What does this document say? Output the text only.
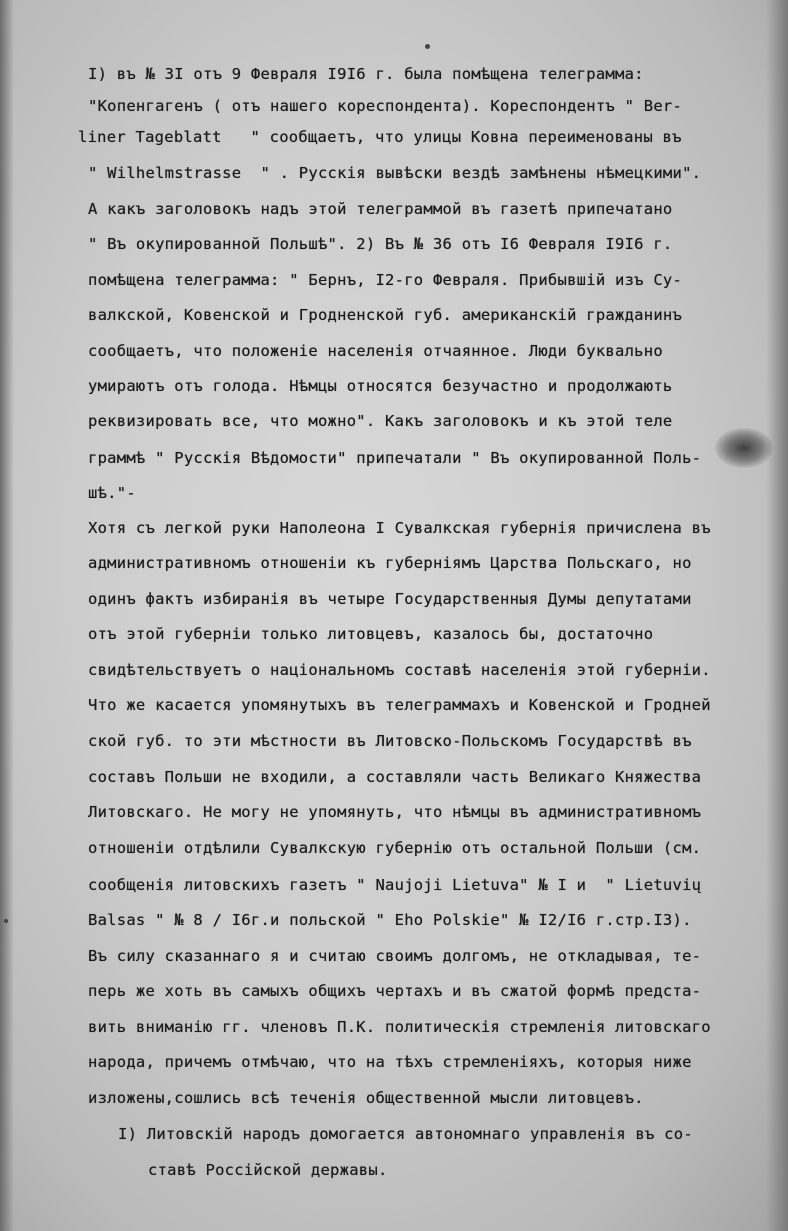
I) въ № 3I отъ 9 Февраля I9I6 г. была помѣщена телеграмма:
"Копенгагенъ ( отъ нашего кореспондента). Кореспондентъ " Ber-
liner Tageblatt   " сообщаетъ, что улицы Ковна переименованы въ
" Wilhelmstrasse  " . Русскія вывѣски вездѣ замѣнены нѣмецкими".
А какъ заголовокъ надъ этой телеграммой въ газетѣ припечатано
" Въ окупированной Польшѣ". 2) Въ № 36 отъ I6 Февраля I9I6 г.
помѣщена телеграмма: " Бернъ, I2-го Февраля. Прибывшій изъ Су-
валкской, Ковенской и Гродненской губ. американскій гражданинъ
сообщаетъ, что положеніе населенія отчаянное. Люди буквально
умираютъ отъ голода. Нѣмцы относятся безучастно и продолжають
реквизировать все, что можно". Какъ заголовокъ и къ этой теле
граммѣ " Русскія Вѣдомости" припечатали " Въ окупированной Поль-
шѣ."-
Хотя съ легкой руки Наполеона I Сувалкская губернія причислена въ
административномъ отношеніи къ губерніямъ Царства Польскаго, но
одинъ фактъ избиранія въ четыре Государственныя Думы депутатами
отъ этой губерніи только литовцевъ, казалось бы, достаточно
свидѣтельствуетъ о національномъ составѣ населенія этой губерніи.
Что же касается упомянутыхъ въ телеграммахъ и Ковенской и Гродней
ской губ. то эти мѣстности въ Литовско-Польскомъ Государствѣ въ
составъ Польши не входили, а составляли часть Великаго Княжества
Литовскаго. Не могу не упомянуть, что нѣмцы въ административномъ
отношеніи отдѣлили Сувалкскую губернію отъ остальной Польши (см.
сообщенія литовскихъ газетъ " Naujoji Lietuva" № I и  " Lietuvių
Balsas " № 8 / I6г.и польской " Eho Polskie" № I2/I6 г.стр.I3).
Въ силу сказаннаго я и считаю своимъ долгомъ, не откладывая, те-
перь же хоть въ самыхъ общихъ чертахъ и въ сжатой формѣ предста-
вить вниманію гг. членовъ П.К. политическія стремленія литовскаго
народа, причемъ отмѣчаю, что на тѣхъ стремленіяхъ, которыя ниже
изложены,сошлись всѣ теченія общественной мысли литовцевъ.
I) Литовскій народъ домогается автономнаго управленія въ со-
ставѣ Россійской державы.
